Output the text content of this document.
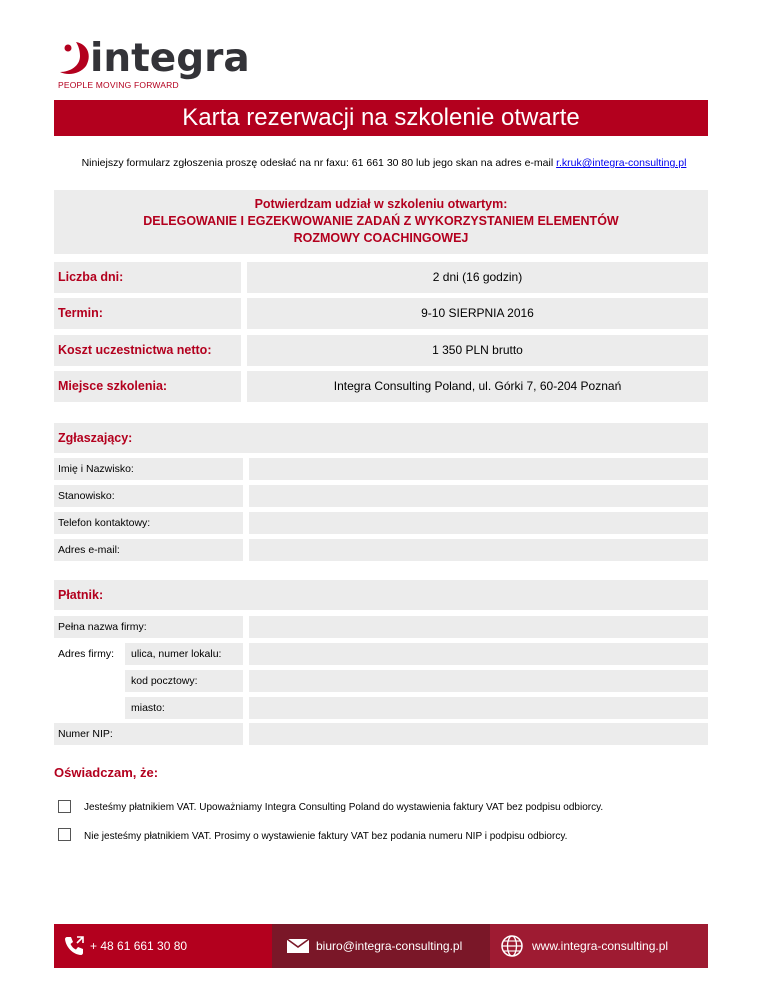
integra
PEOPLE MOVING FORWARD
Karta rezerwacji na szkolenie otwarte
Niniejszy formularz zgłoszenia proszę odesłać na nr faxu: 61 661 30 80 lub jego skan na adres e-mail r.kruk@integra-consulting.pl
Potwierdzam udział w szkoleniu otwartym:
DELEGOWANIE I EGZEKWOWANIE ZADAŃ Z WYKORZYSTANIEM ELEMENTÓW
ROZMOWY COACHINGOWEJ
Liczba dni:	2 dni (16 godzin)
Termin:	9-10 SIERPNIA 2016
Koszt uczestnictwa netto:	1 350 PLN brutto
Miejsce szkolenia:	Integra Consulting Poland, ul. Górki 7, 60-204 Poznań
Zgłaszający:
Imię i Nazwisko:
Stanowisko:
Telefon kontaktowy:
Adres e-mail:
Płatnik:
Pełna nazwa firmy:
Adres firmy:	ulica, numer lokalu:
kod pocztowy:
miasto:
Numer NIP:
Oświadczam, że:
Jesteśmy płatnikiem VAT. Upoważniamy Integra Consulting Poland do wystawienia faktury VAT bez podpisu odbiorcy.
Nie jesteśmy płatnikiem VAT. Prosimy o wystawienie faktury VAT bez podania numeru NIP i podpisu odbiorcy.
+ 48 61 661 30 80	biuro@integra-consulting.pl	www.integra-consulting.pl
